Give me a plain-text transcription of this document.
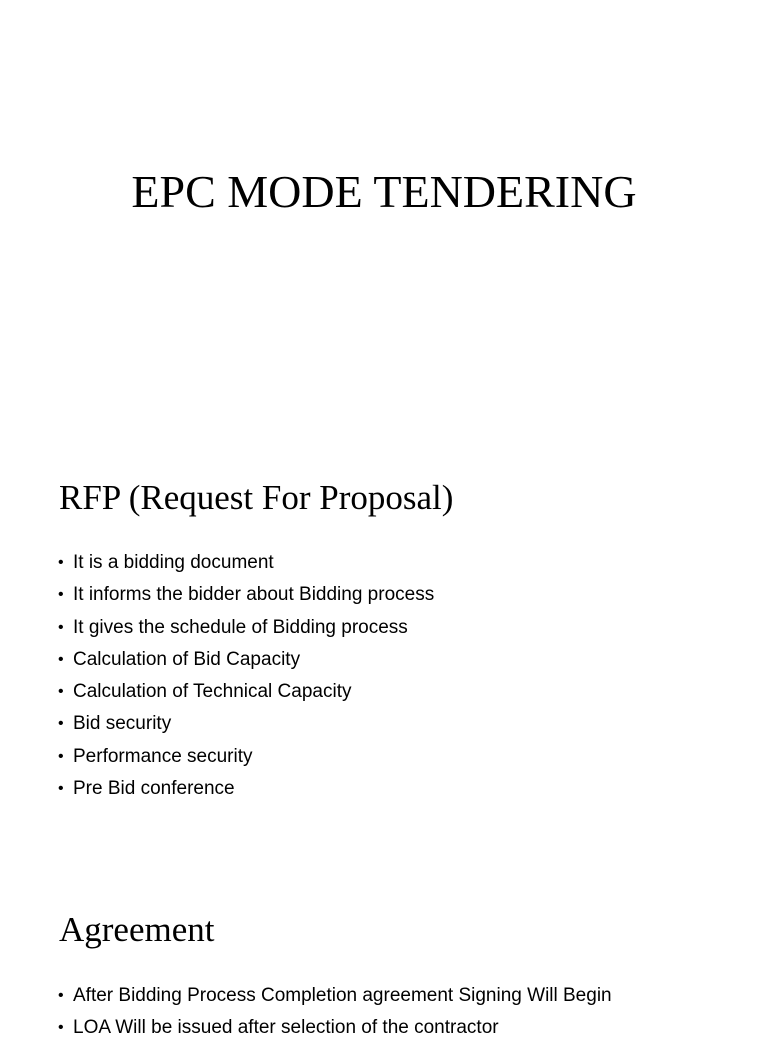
EPC MODE TENDERING
RFP (Request For Proposal)
• It is a bidding document
• It informs the bidder about Bidding process
• It gives the schedule of Bidding process
• Calculation of Bid Capacity
• Calculation of Technical Capacity
• Bid security
• Performance security
• Pre Bid conference
Agreement
• After Bidding Process Completion agreement Signing Will Begin
• LOA Will be issued after selection of the contractor
